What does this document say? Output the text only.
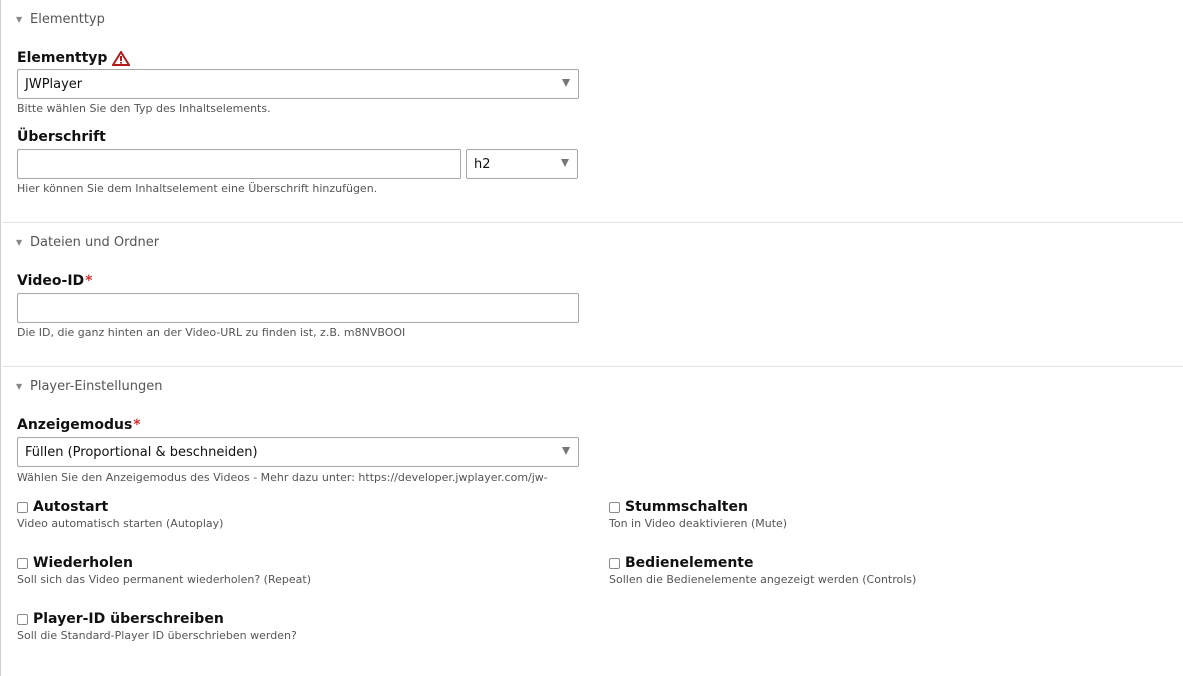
▼ Elementtyp
Elementtyp
JWPlayer
Bitte wählen Sie den Typ des Inhaltselements.
Überschrift
h2
Hier können Sie dem Inhaltselement eine Überschrift hinzufügen.
▼ Dateien und Ordner
Video-ID *
Die ID, die ganz hinten an der Video-URL zu finden ist, z.B. m8NVBOOI
▼ Player-Einstellungen
Anzeigemodus *
Füllen (Proportional & beschneiden)
Wählen Sie den Anzeigemodus des Videos - Mehr dazu unter: https://developer.jwplayer.com/jw-
Autostart
Video automatisch starten (Autoplay)
Stummschalten
Ton in Video deaktivieren (Mute)
Wiederholen
Soll sich das Video permanent wiederholen? (Repeat)
Bedienelemente
Sollen die Bedienelemente angezeigt werden (Controls)
Player-ID überschreiben
Soll die Standard-Player ID überschrieben werden?
